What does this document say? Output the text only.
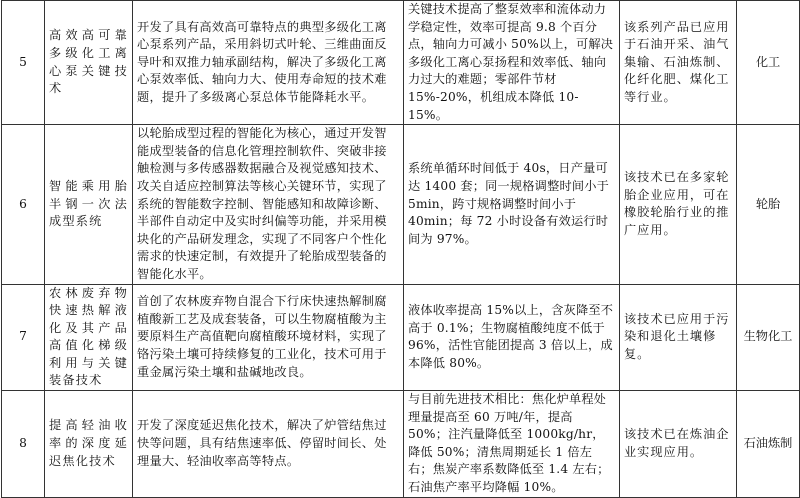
5	高效高可靠多级化工离心泵关键技术	开发了具有高效高可靠特点的典型多级化工离心泵系列产品，采用斜切式叶轮、三维曲面反导叶和双推力轴承副结构，解决了多级化工离心泵效率低、轴向力大、使用寿命短的技术难题，提升了多级离心泵总体节能降耗水平。	关键技术提高了整泵效率和流体动力学稳定性，效率可提高 9.8 个百分点，轴向力可减小 50%以上，可解决多级化工离心泵扬程和效率低、轴向力过大的难题；零部件节材 15%-20%，机组成本降低 10-15%。	该系列产品已应用于石油开采、油气集输、石油炼制、化纤化肥、煤化工等行业。	化工
6	智能乘用胎半钢一次法成型系统	以轮胎成型过程的智能化为核心，通过开发智能成型装备的信息化管理控制软件、突破非接触检测与多传感器数据融合及视觉感知技术、攻关自适应控制算法等核心关键环节，实现了系统的智能数字控制、智能感知和故障诊断、半部件自动定中及实时纠偏等功能，并采用模块化的产品研发理念，实现了不同客户个性化需求的快速定制，有效提升了轮胎成型装备的智能化水平。	系统单循环时间低于 40s，日产量可达 1400 套；同一规格调整时间小于 5min，跨寸规格调整时间小于 40min；每 72 小时设备有效运行时间为 97%。	该技术已在多家轮胎企业应用，可在橡胶轮胎行业的推广应用。	轮胎
7	农林废弃物快速热解液化及其产品高值化梯级利用与关键装备技术	首创了农林废弃物自混合下行床快速热解制腐植酸新工艺及成套装备，可以生物腐植酸为主要原料生产高值靶向腐植酸环境材料，实现了铬污染土壤可持续修复的工业化，技术可用于重金属污染土壤和盐碱地改良。	液体收率提高 15%以上，含灰降至不高于 0.1%；生物腐植酸纯度不低于 96%，活性官能团提高 3 倍以上，成本降低 80%。	该技术已应用于污染和退化土壤修复。	生物化工
8	提高轻油收率的深度延迟焦化技术	开发了深度延迟焦化技术，解决了炉管结焦过快等问题，具有结焦速率低、停留时间长、处理量大、轻油收率高等特点。	与目前先进技术相比：焦化炉单程处理量提高至 60 万吨/年，提高 50%；注汽量降低至 1000kg/hr，降低 50%；清焦周期延长 1 倍左右；焦炭产率系数降低至 1.4 左右；石油焦产率平均降幅 10%。	该技术已在炼油企业实现应用。	石油炼制
